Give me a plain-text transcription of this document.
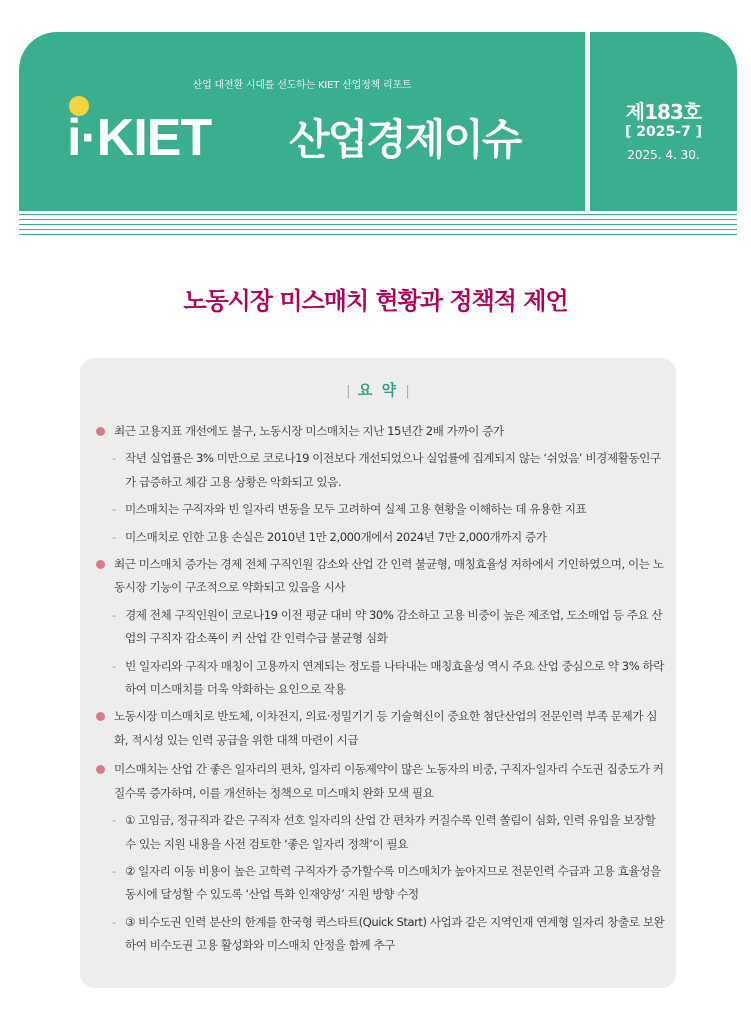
산업 대전환 시대를 선도하는 KIET 산업정책 리포트
i·KIET 산업경제이슈
제183호
[ 2025-7 ]
2025. 4. 30.
노동시장 미스매치 현황과 정책적 제언
| 요 약 |
최근 고용지표 개선에도 불구, 노동시장 미스매치는 지난 15년간 2배 가까이 증가
- 작년 실업률은 3% 미만으로 코로나19 이전보다 개선되었으나 실업률에 집계되지 않는 ‘쉬었음’ 비경제활동인구가 급증하고 체감 고용 상황은 악화되고 있음.
- 미스매치는 구직자와 빈 일자리 변동을 모두 고려하여 실제 고용 현황을 이해하는 데 유용한 지표
- 미스매치로 인한 고용 손실은 2010년 1만 2,000개에서 2024년 7만 2,000개까지 증가
최근 미스매치 증가는 경제 전체 구직인원 감소와 산업 간 인력 불균형, 매칭효율성 저하에서 기인하였으며, 이는 노동시장 기능이 구조적으로 약화되고 있음을 시사
- 경제 전체 구직인원이 코로나19 이전 평균 대비 약 30% 감소하고 고용 비중이 높은 제조업, 도소매업 등 주요 산업의 구직자 감소폭이 커 산업 간 인력수급 불균형 심화
- 빈 일자리와 구직자 매칭이 고용까지 연계되는 정도를 나타내는 매칭효율성 역시 주요 산업 중심으로 약 3% 하락하여 미스매치를 더욱 악화하는 요인으로 작용
노동시장 미스매치로 반도체, 이차전지, 의료·정밀기기 등 기술혁신이 중요한 첨단산업의 전문인력 부족 문제가 심화, 적시성 있는 인력 공급을 위한 대책 마련이 시급
미스매치는 산업 간 좋은 일자리의 편차, 일자리 이동제약이 많은 노동자의 비중, 구직자·일자리 수도권 집중도가 커질수록 증가하며, 이를 개선하는 정책으로 미스매치 완화 모색 필요
- ① 고임금, 정규직과 같은 구직자 선호 일자리의 산업 간 편차가 커질수록 인력 쏠림이 심화, 인력 유입을 보장할 수 있는 지원 내용을 사전 검토한 ‘좋은 일자리 정책’이 필요
- ② 일자리 이동 비용이 높은 고학력 구직자가 증가할수록 미스매치가 높아지므로 전문인력 수급과 고용 효율성을 동시에 달성할 수 있도록 ‘산업 특화 인재양성’ 지원 방향 수정
- ③ 비수도권 인력 분산의 한계를 한국형 퀵스타트(Quick Start) 사업과 같은 지역인재 연계형 일자리 창출로 보완하여 비수도권 고용 활성화와 미스매치 안정을 함께 추구
